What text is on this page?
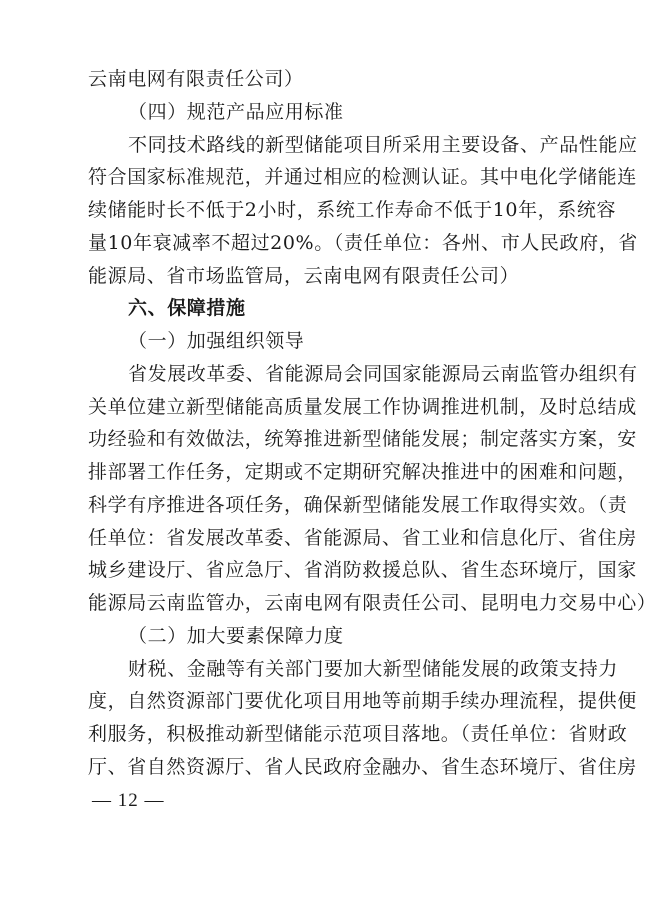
云南电网有限责任公司）
（四）规范产品应用标准
不同技术路线的新型储能项目所采用主要设备、产品性能应
符合国家标准规范，并通过相应的检测认证。其中电化学储能连
续储能时长不低于2小时，系统工作寿命不低于10年，系统容
量10年衰减率不超过20%。（责任单位：各州、市人民政府，省
能源局、省市场监管局，云南电网有限责任公司）
六、保障措施
（一）加强组织领导
省发展改革委、省能源局会同国家能源局云南监管办组织有
关单位建立新型储能高质量发展工作协调推进机制，及时总结成
功经验和有效做法，统筹推进新型储能发展；制定落实方案，安
排部署工作任务，定期或不定期研究解决推进中的困难和问题，
科学有序推进各项任务，确保新型储能发展工作取得实效。（责
任单位：省发展改革委、省能源局、省工业和信息化厅、省住房
城乡建设厅、省应急厅、省消防救援总队、省生态环境厅，国家
能源局云南监管办，云南电网有限责任公司、昆明电力交易中心）
（二）加大要素保障力度
财税、金融等有关部门要加大新型储能发展的政策支持力
度，自然资源部门要优化项目用地等前期手续办理流程，提供便
利服务，积极推动新型储能示范项目落地。（责任单位：省财政
厅、省自然资源厅、省人民政府金融办、省生态环境厅、省住房
— 12 —
